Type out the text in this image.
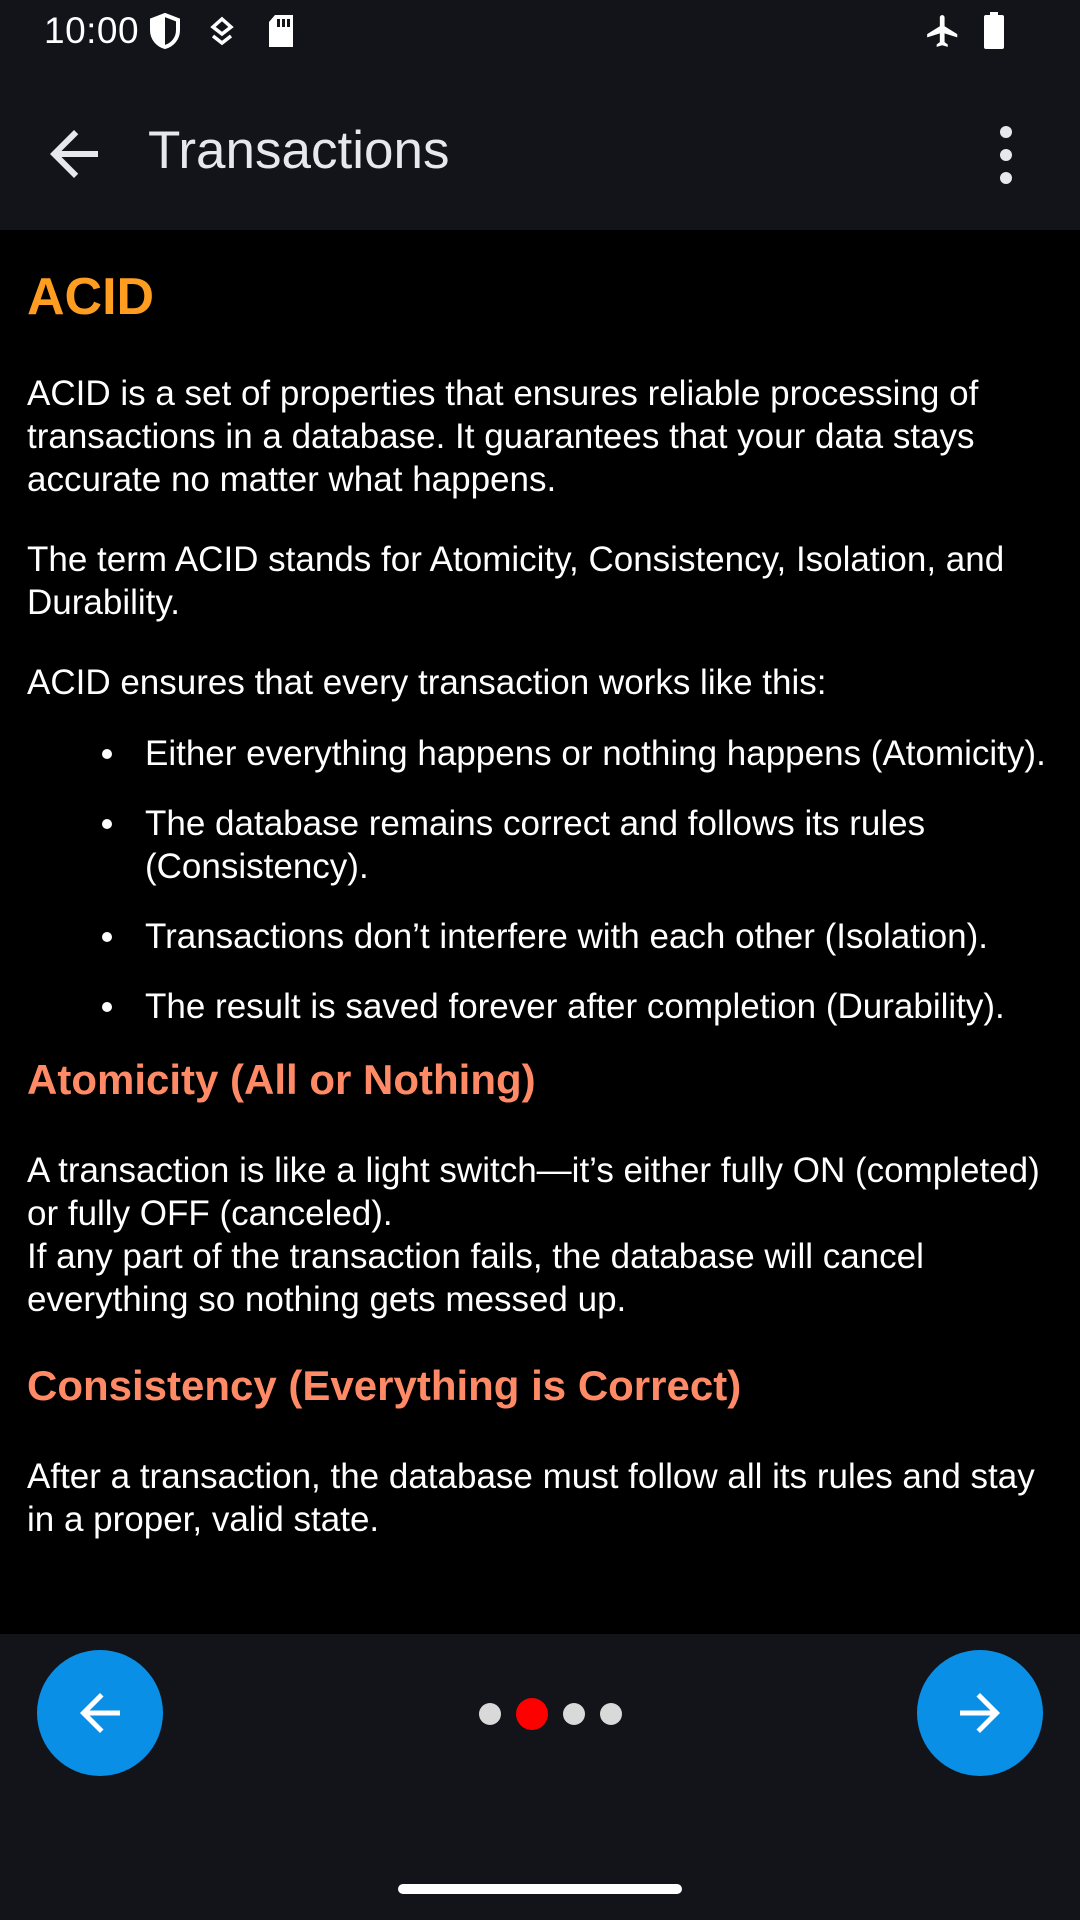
10:00
Transactions
ACID

ACID is a set of properties that ensures reliable processing of transactions in a database. It guarantees that your data stays accurate no matter what happens.

The term ACID stands for Atomicity, Consistency, Isolation, and Durability.

ACID ensures that every transaction works like this:

Either everything happens or nothing happens (Atomicity).
The database remains correct and follows its rules (Consistency).
Transactions don’t interfere with each other (Isolation).
The result is saved forever after completion (Durability).
Atomicity (All or Nothing)

A transaction is like a light switch—it’s either fully ON (completed) or fully OFF (canceled).
If any part of the transaction fails, the database will cancel everything so nothing gets messed up.

Consistency (Everything is Correct)

After a transaction, the database must follow all its rules and stay in a proper, valid state.
